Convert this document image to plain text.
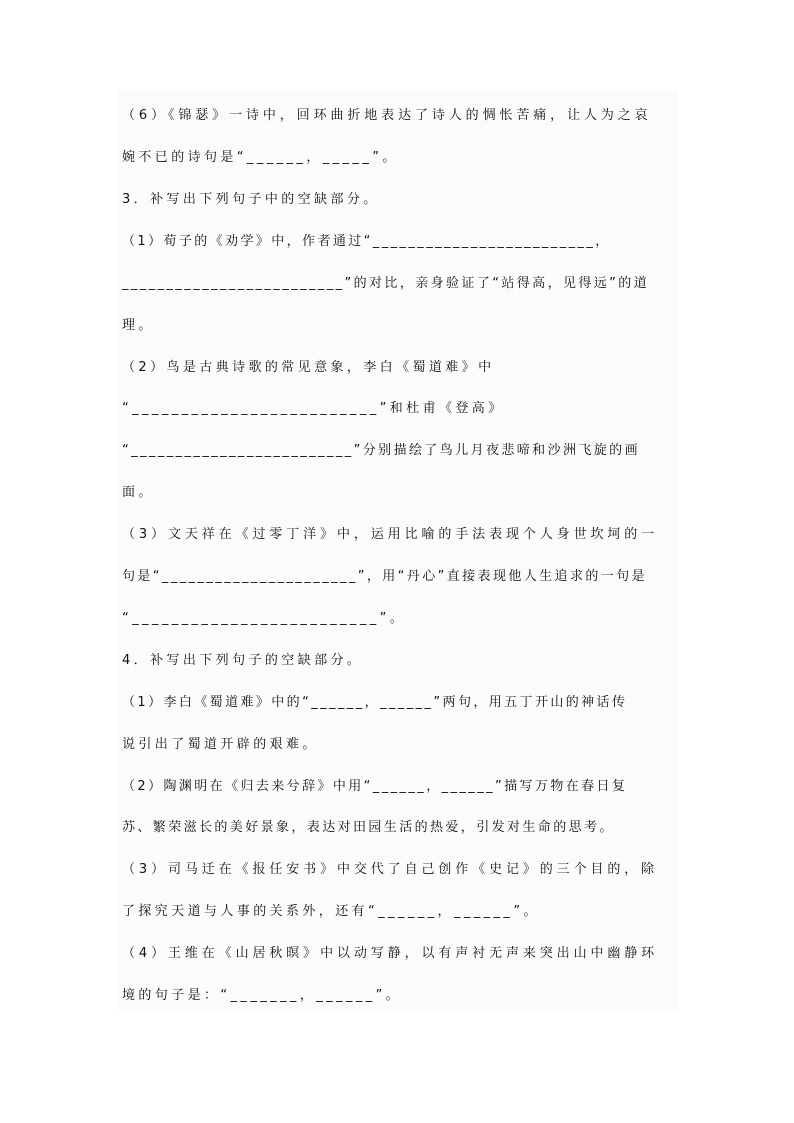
（6）《锦瑟》一诗中，回环曲折地表达了诗人的惆怅苦痛，让人为之哀
婉不已的诗句是“______，_____”。
3．补写出下列句子中的空缺部分。
（1）荀子的《劝学》中，作者通过“_________________________，
_________________________”的对比，亲身验证了“站得高，见得远”的道
理。
（2）鸟是古典诗歌的常见意象，李白《蜀道难》中
“_________________________”和杜甫《登高》
“_________________________”分别描绘了鸟儿月夜悲啼和沙洲飞旋的画
面。
（3）文天祥在《过零丁洋》中，运用比喻的手法表现个人身世坎坷的一
句是“______________________”，用“丹心”直接表现他人生追求的一句是
“_________________________”。
4．补写出下列句子的空缺部分。
（1）李白《蜀道难》中的“______，______”两句，用五丁开山的神话传
说引出了蜀道开辟的艰难。
（2）陶渊明在《归去来兮辞》中用“______，______”描写万物在春日复
苏、繁荣滋长的美好景象，表达对田园生活的热爱，引发对生命的思考。
（3）司马迁在《报任安书》中交代了自己创作《史记》的三个目的，除
了探究天道与人事的关系外，还有“______，______”。
（4）王维在《山居秋暝》中以动写静，以有声衬无声来突出山中幽静环
境的句子是：“_______，______”。
